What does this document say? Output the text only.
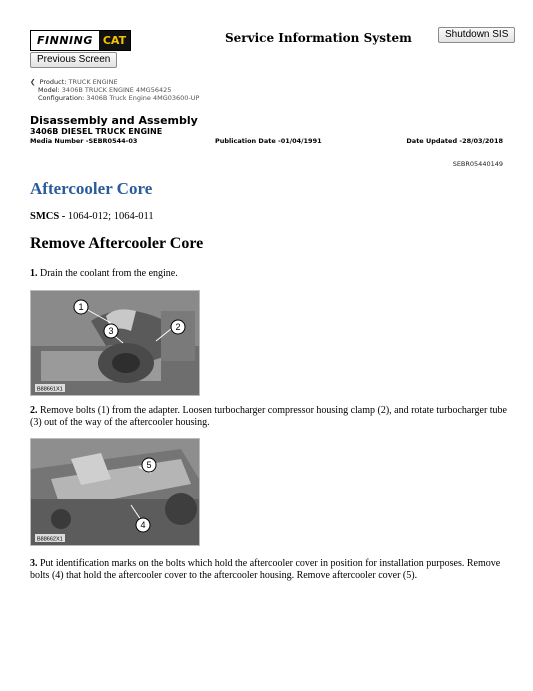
FINNING CAT	Service Information System	Shutdown SIS
Previous Screen
❮  Product: TRUCK ENGINE
Model: 3406B TRUCK ENGINE 4MG56425
Configuration: 3406B Truck Engine 4MG03600-UP
Disassembly and Assembly
3406B DIESEL TRUCK ENGINE
Media Number -SEBR0544-03	Publication Date -01/04/1991	Date Updated -28/03/2018
SEBR05440149
Aftercooler Core
SMCS - 1064-012; 1064-011
Remove Aftercooler Core
1. Drain the coolant from the engine.
1
2
3
B88661X1
2. Remove bolts (1) from the adapter. Loosen turbocharger compressor housing clamp (2), and rotate turbocharger tube (3) out of the way of the aftercooler housing.
5
4
B88662X1
3. Put identification marks on the bolts which hold the aftercooler cover in position for installation purposes. Remove bolts (4) that hold the aftercooler cover to the aftercooler housing. Remove aftercooler cover (5).
